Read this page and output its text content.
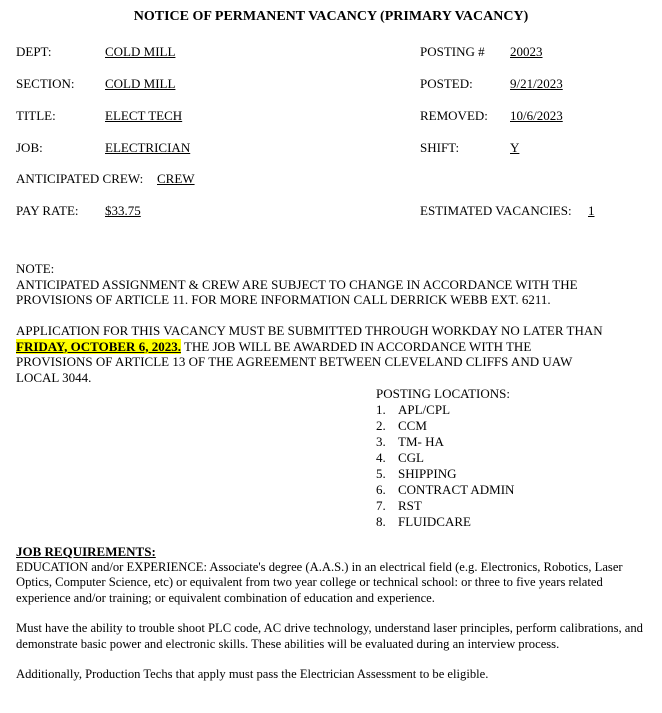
NOTICE OF PERMANENT VACANCY (PRIMARY VACANCY)
DEPT:	COLD MILL
SECTION: COLD MILL
TITLE:	ELECT TECH
JOB:	ELECTRICIAN
ANTICIPATED CREW: CREW
PAY RATE: $33.75
POSTING # 20023
POSTED:	9/21/2023
REMOVED: 10/6/2023
SHIFT:	Y
ESTIMATED VACANCIES: 1
NOTE:
ANTICIPATED ASSIGNMENT & CREW ARE SUBJECT TO CHANGE IN ACCORDANCE WITH THE
PROVISIONS OF ARTICLE 11. FOR MORE INFORMATION CALL DERRICK WEBB EXT. 6211.
APPLICATION FOR THIS VACANCY MUST BE SUBMITTED THROUGH WORKDAY NO LATER THAN
FRIDAY, OCTOBER 6, 2023. THE JOB WILL BE AWARDED IN ACCORDANCE WITH THE
PROVISIONS OF ARTICLE 13 OF THE AGREEMENT BETWEEN CLEVELAND CLIFFS AND UAW
LOCAL 3044.
POSTING LOCATIONS:
1. APL/CPL
2. CCM
3. TM- HA
4. CGL
5. SHIPPING
6. CONTRACT ADMIN
7. RST
8. FLUIDCARE
JOB REQUIREMENTS:
EDUCATION and/or EXPERIENCE: Associate's degree (A.A.S.) in an electrical field (e.g. Electronics, Robotics, Laser Optics, Computer Science, etc) or equivalent from two year college or technical school: or three to five years related experience and/or training; or equivalent combination of education and experience.
Must have the ability to trouble shoot PLC code, AC drive technology, understand laser principles, perform calibrations, and demonstrate basic power and electronic skills. These abilities will be evaluated during an interview process.
Additionally, Production Techs that apply must pass the Electrician Assessment to be eligible.
